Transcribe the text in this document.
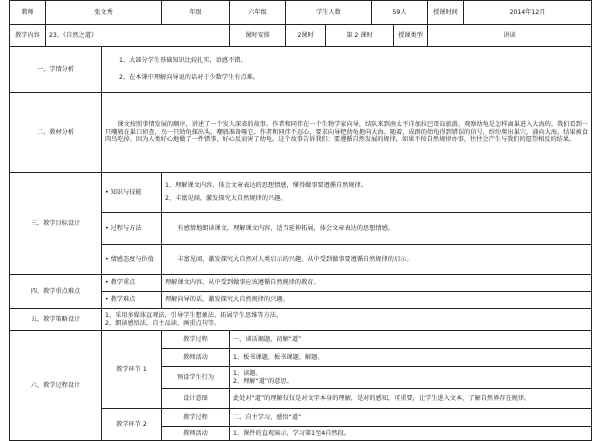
教师	张文秀		年级	六年级	学生人数		59人		授课时间	2014年12月
教学内容	23、《自然之道》			课时安排	2课时	第 2 课时		授课类型	讲读	
一、学情分析		1、大部分学生基础知识比较扎实，语感不错。
2、在本课中理解向导说的话对于少数学生有点难。								

二、教材分析		课文按照事情发展的顺序，讲述了一个发人深省的故事。作者和同伴在一个生物学家向导，结队来到南太平洋加拉巴哥岛旅游，观察幼龟是怎样离巢进入大海的。我们看到一只嘲鸫在巢口侦查，鸟一只幼龟探出头，嘲鸫准备啄它。作者和同伴不忍心，要求向导把幼龟抱向大海。随着，成群的幼龟得到错误的信号，纷纷爬出巢穴，涌向大海，结果被食肉鸟吃掉。因为人类好心地做了一件错事，好心反而害了幼龟。这个故事告诉我们：要遵循自然发展的规律，如果不按自然规律办事，往往会产生与我们的愿望相反的结果。								
三、教学目标设计		• 知识与技能	1、理解课文内容，体会文章表达的思想情感，懂得做事要遵循自然规律。
2、丰富见闻，激发探究大自然规律的兴趣。							

		• 过程与方法	有感情地朗读课文，理解课文内容，适当延伸拓展，体会文章表达的思想情感。							
		• 情感态度与价值	丰富见闻，激发探究大自然对人类启示的兴趣，从中受到做事要遵循自然规律的启示。							
四、教学重点难点		• 教学重点	理解课文内容，从中受到做事应该遵循自然规律的教育。							
		• 教学难点	理解向导的话，激发探究大自然规律的兴趣。							
五、教学策略设计		1、采用多媒体直观法，引导学生想象法、拓展学生思维等方法。
2、朗读感悟法，自主品读，画重点句等。								

六、教学过程设计		教学环节 1	教学过程	一、谈话揭题，初解“道”						
			教师活动	1、板书课题，板书课题、解题。						
			预设学生行为	1、读题。
2、理解“道”的意思。						
			设计意图	此处对“道”的理解仅仅是对文字本身的理解，是对的感知，可重要，让学生进入文本，了解自然界存在规律。						
		教学环节 2	教学过程	二、自主学习，感悟“道”						
			教师活动	1、课件的直观演示，学习第1至4自然段。						
